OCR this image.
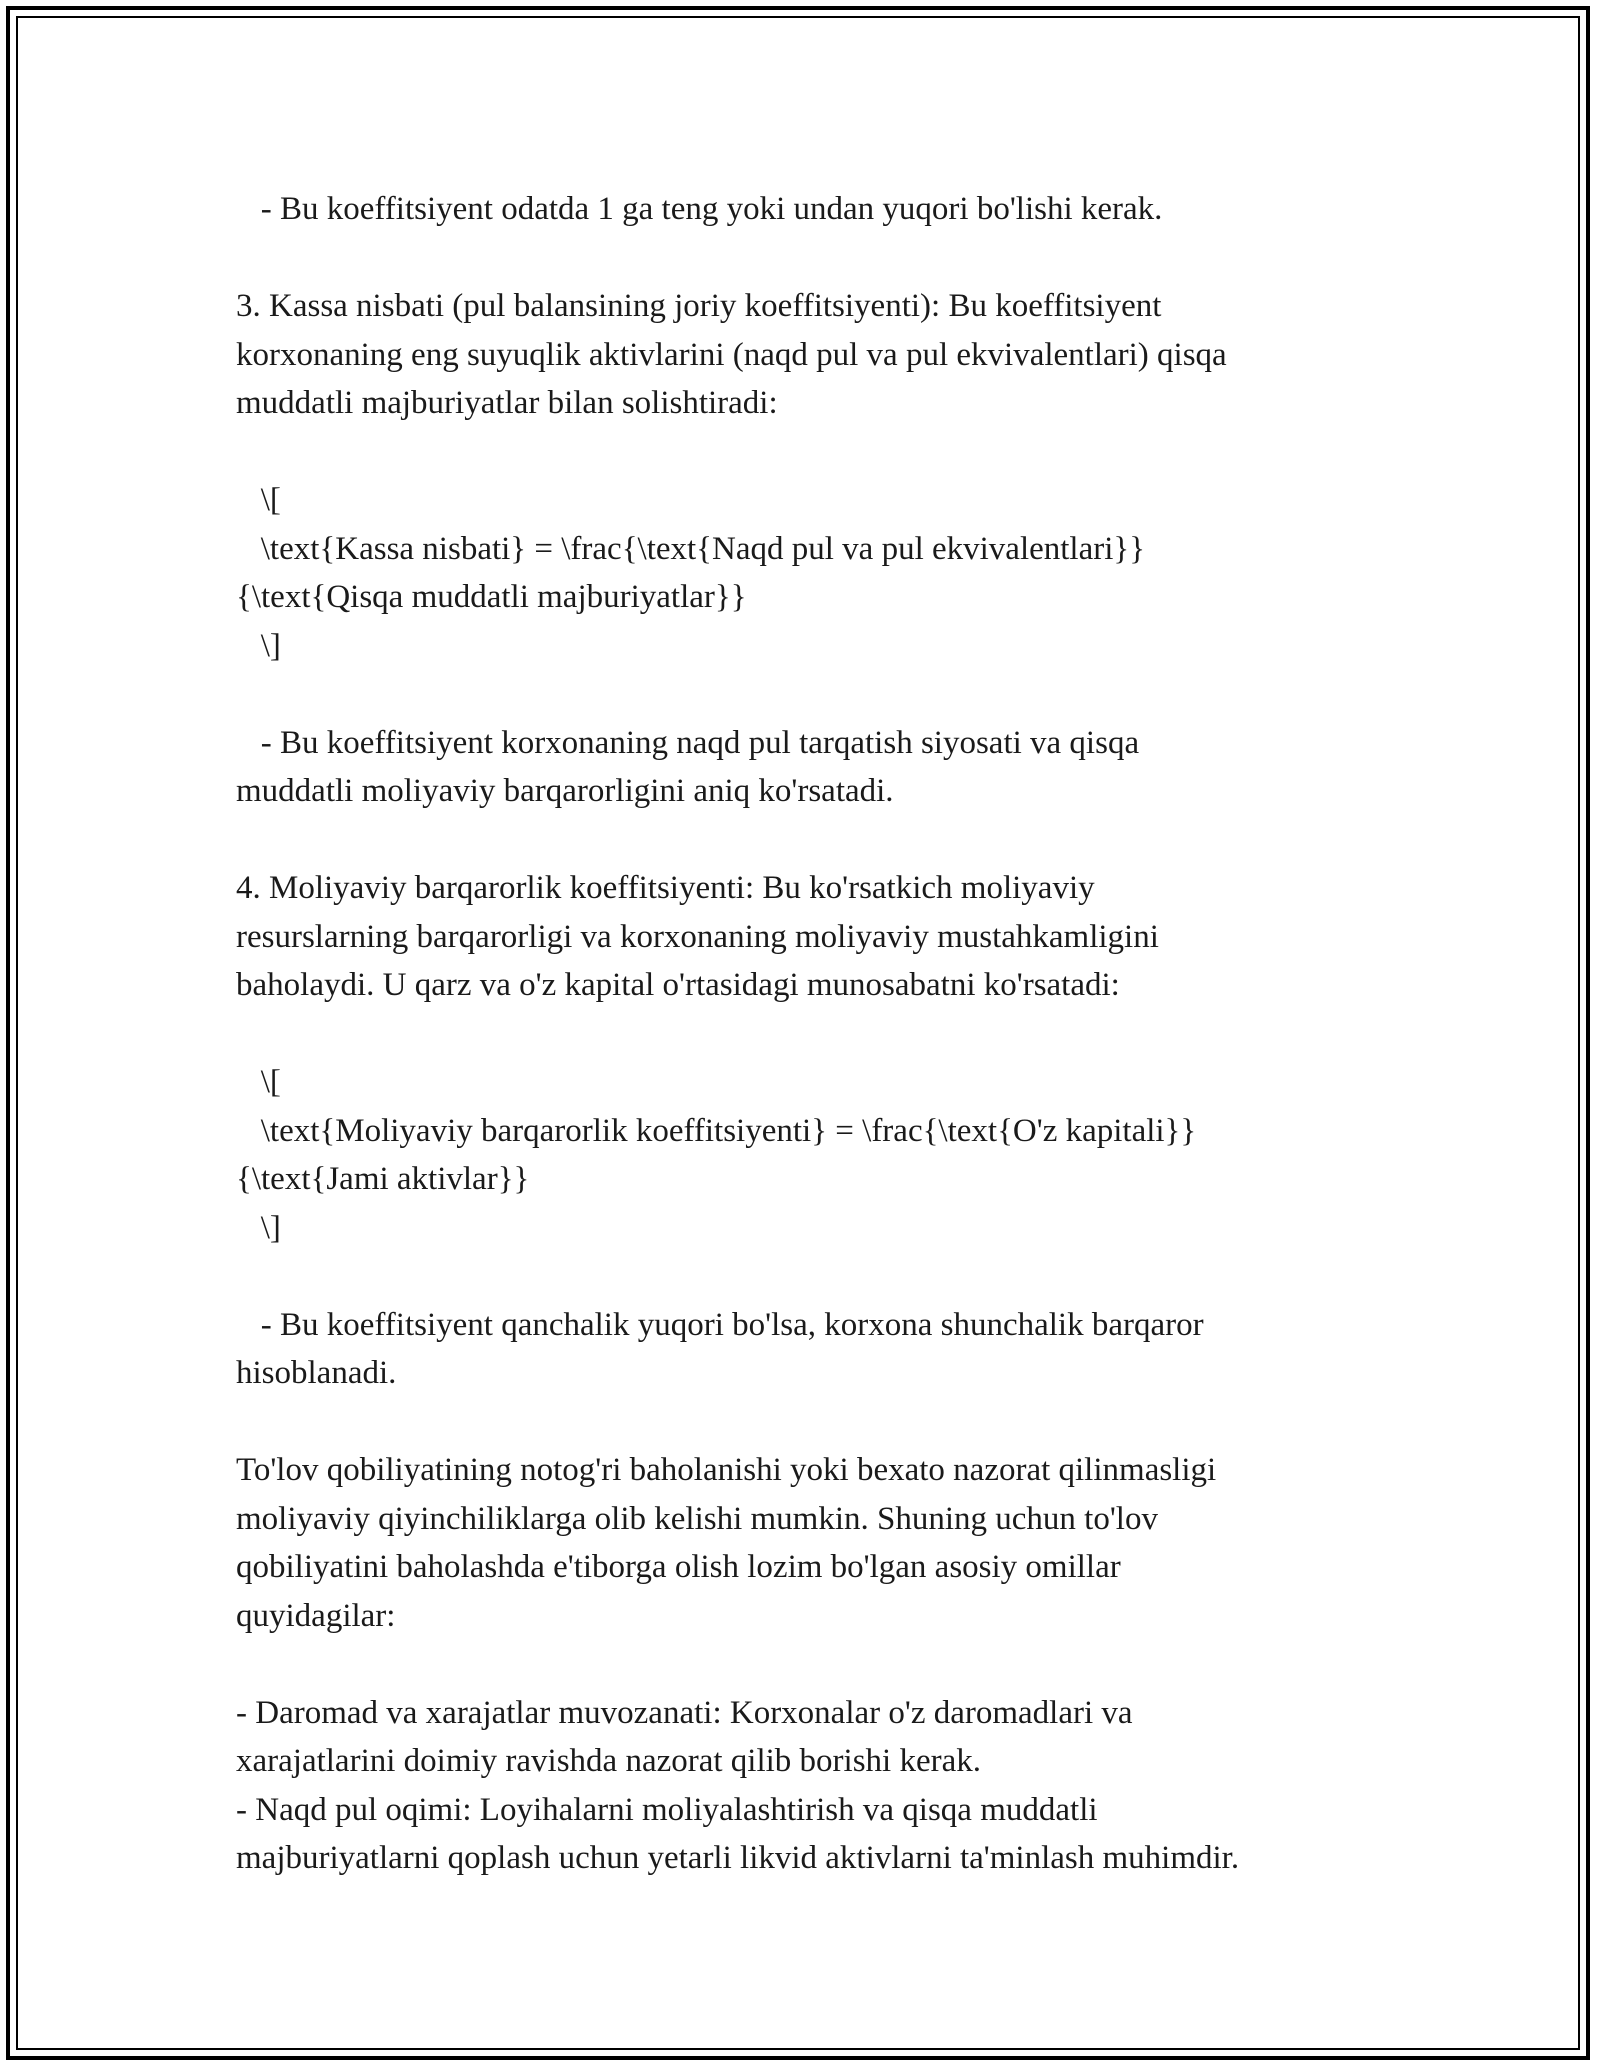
- Bu koeffitsiyent odatda 1 ga teng yoki undan yuqori bo'lishi kerak.
3. Kassa nisbati (pul balansining joriy koeffitsiyenti): Bu koeffitsiyent
korxonaning eng suyuqlik aktivlarini (naqd pul va pul ekvivalentlari) qisqa
muddatli majburiyatlar bilan solishtiradi:
\[
\text{Kassa nisbati} = \frac{\text{Naqd pul va pul ekvivalentlari}}
{\text{Qisqa muddatli majburiyatlar}}
\]
- Bu koeffitsiyent korxonaning naqd pul tarqatish siyosati va qisqa
muddatli moliyaviy barqarorligini aniq ko'rsatadi.
4. Moliyaviy barqarorlik koeffitsiyenti: Bu ko'rsatkich moliyaviy
resurslarning barqarorligi va korxonaning moliyaviy mustahkamligini
baholaydi. U qarz va o'z kapital o'rtasidagi munosabatni ko'rsatadi:
\[
\text{Moliyaviy barqarorlik koeffitsiyenti} = \frac{\text{O'z kapitali}}
{\text{Jami aktivlar}}
\]
- Bu koeffitsiyent qanchalik yuqori bo'lsa, korxona shunchalik barqaror
hisoblanadi.
To'lov qobiliyatining notog'ri baholanishi yoki bexato nazorat qilinmasligi
moliyaviy qiyinchiliklarga olib kelishi mumkin. Shuning uchun to'lov
qobiliyatini baholashda e'tiborga olish lozim bo'lgan asosiy omillar
quyidagilar:
- Daromad va xarajatlar muvozanati: Korxonalar o'z daromadlari va
xarajatlarini doimiy ravishda nazorat qilib borishi kerak.
- Naqd pul oqimi: Loyihalarni moliyalashtirish va qisqa muddatli
majburiyatlarni qoplash uchun yetarli likvid aktivlarni ta'minlash muhimdir.
